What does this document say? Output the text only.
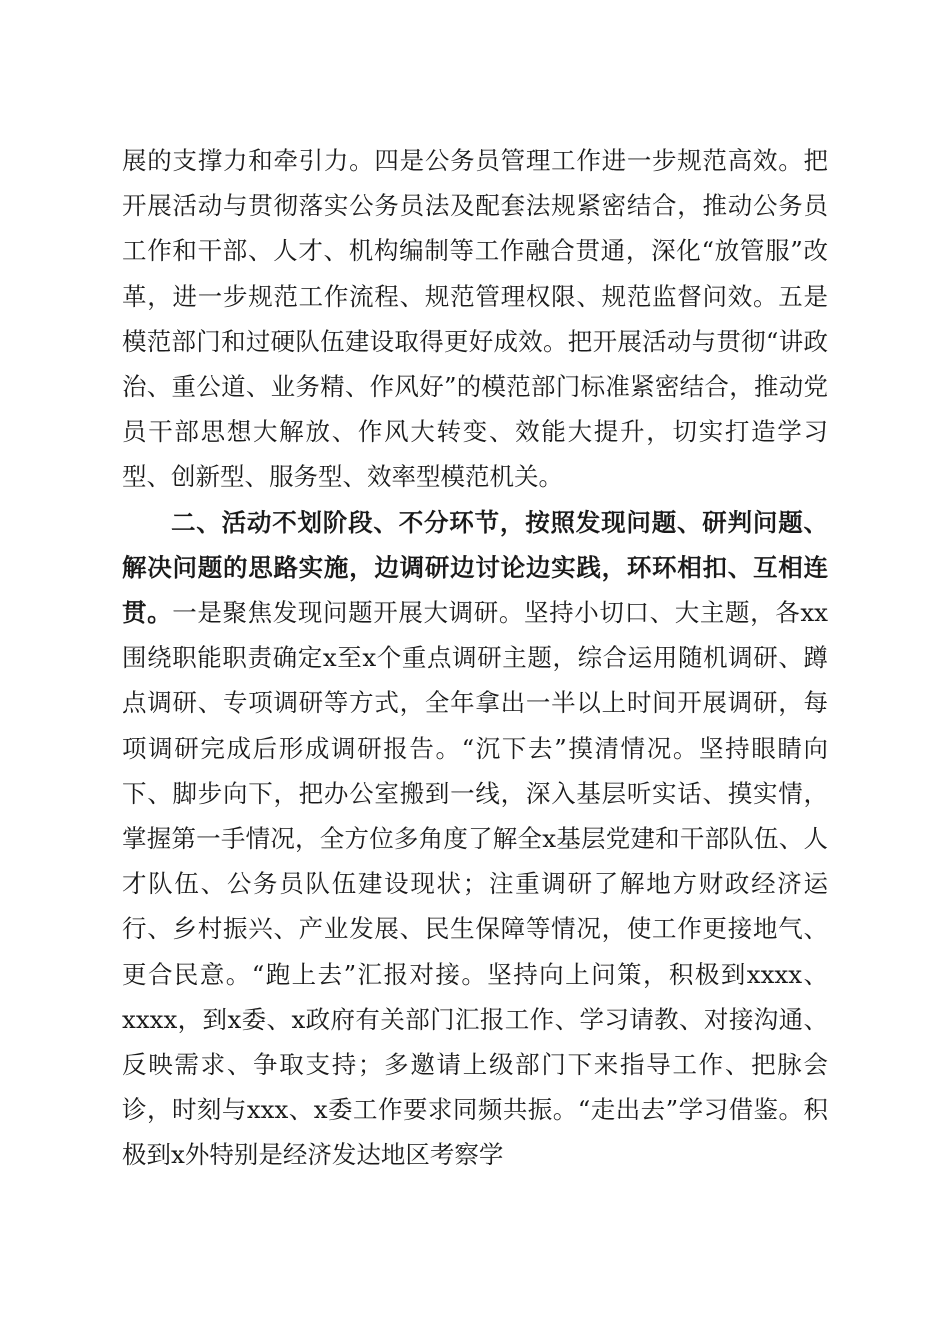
展的支撑力和牵引力。四是公务员管理工作进一步规范高效。把开展活动与贯彻落实公务员法及配套法规紧密结合，推动公务员工作和干部、人才、机构编制等工作融合贯通，深化“放管服”改革，进一步规范工作流程、规范管理权限、规范监督问效。五是模范部门和过硬队伍建设取得更好成效。把开展活动与贯彻“讲政治、重公道、业务精、作风好”的模范部门标准紧密结合，推动党员干部思想大解放、作风大转变、效能大提升，切实打造学习型、创新型、服务型、效率型模范机关。

二、活动不划阶段、不分环节，按照发现问题、研判问题、解决问题的思路实施，边调研边讨论边实践，环环相扣、互相连贯。一是聚焦发现问题开展大调研。坚持小切口、大主题，各xx围绕职能职责确定x至x个重点调研主题，综合运用随机调研、蹲点调研、专项调研等方式，全年拿出一半以上时间开展调研，每项调研完成后形成调研报告。“沉下去”摸清情况。坚持眼睛向下、脚步向下，把办公室搬到一线，深入基层听实话、摸实情，掌握第一手情况，全方位多角度了解全x基层党建和干部队伍、人才队伍、公务员队伍建设现状；注重调研了解地方财政经济运行、乡村振兴、产业发展、民生保障等情况，使工作更接地气、更合民意。“跑上去”汇报对接。坚持向上问策，积极到xxxx、xxxx，到x委、x政府有关部门汇报工作、学习请教、对接沟通、反映需求、争取支持；多邀请上级部门下来指导工作、把脉会诊，时刻与xxx、x委工作要求同频共振。“走出去”学习借鉴。积极到x外特别是经济发达地区考察学
